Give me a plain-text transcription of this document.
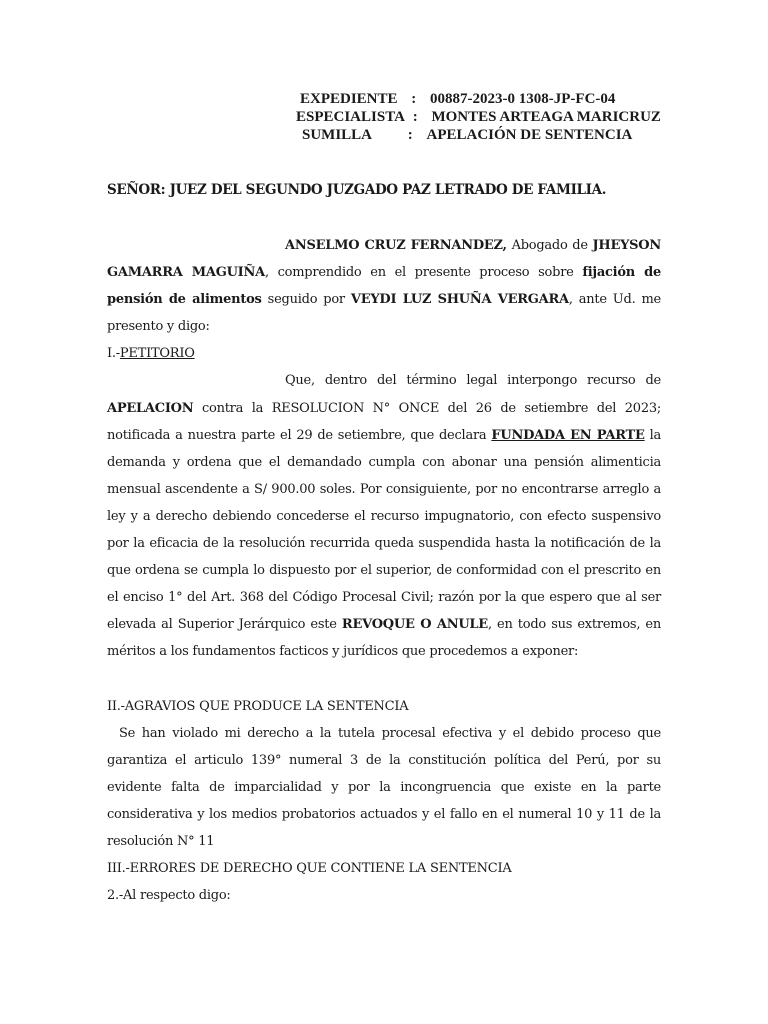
EXPEDIENTE : 00887-2023-0 1308-JP-FC-04
ESPECIALISTA : MONTES ARTEAGA MARICRUZ
SUMILLA : APELACIÓN DE SENTENCIA
SEÑOR: JUEZ DEL SEGUNDO JUZGADO PAZ LETRADO DE FAMILIA.

ANSELMO CRUZ FERNANDEZ, Abogado de JHEYSON GAMARRA MAGUIÑA, comprendido en el presente proceso sobre fijación de pensión de alimentos seguido por VEYDI LUZ SHUÑA VERGARA, ante Ud. me presento y digo:

I.-PETITORIO

Que, dentro del término legal interpongo recurso de APELACION contra la RESOLUCION N° ONCE del 26 de setiembre del 2023; notificada a nuestra parte el 29 de setiembre, que declara FUNDADA EN PARTE la demanda y ordena que el demandado cumpla con abonar una pensión alimenticia mensual ascendente a S/ 900.00 soles. Por consiguiente, por no encontrarse arreglo a ley y a derecho debiendo concederse el recurso impugnatorio, con efecto suspensivo por la eficacia de la resolución recurrida queda suspendida hasta la notificación de la que ordena se cumpla lo dispuesto por el superior, de conformidad con el prescrito en el enciso 1° del Art. 368 del Código Procesal Civil; razón por la que espero que al ser elevada al Superior Jerárquico este REVOQUE O ANULE, en todo sus extremos, en méritos a los fundamentos facticos y jurídicos que procedemos a exponer:

II.-AGRAVIOS QUE PRODUCE LA SENTENCIA

Se han violado mi derecho a la tutela procesal efectiva y el debido proceso que garantiza el articulo 139° numeral 3 de la constitución política del Perú, por su evidente falta de imparcialidad y por la incongruencia que existe en la parte considerativa y los medios probatorios actuados y el fallo en el numeral 10 y 11 de la resolución N° 11

III.-ERRORES DE DERECHO QUE CONTIENE LA SENTENCIA

2.-Al respecto digo:
